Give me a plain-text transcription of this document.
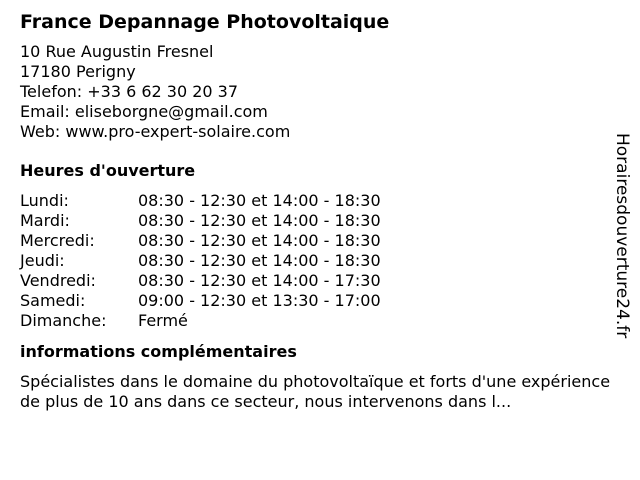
France Depannage Photovoltaique
10 Rue Augustin Fresnel
17180 Perigny
Telefon: +33 6 62 30 20 37
Email: eliseborgne@gmail.com
Web: www.pro-expert-solaire.com
Heures d'ouverture
Lundi:	08:30 - 12:30 et 14:00 - 18:30
Mardi:	08:30 - 12:30 et 14:00 - 18:30
Mercredi:	08:30 - 12:30 et 14:00 - 18:30
Jeudi:	08:30 - 12:30 et 14:00 - 18:30
Vendredi:	08:30 - 12:30 et 14:00 - 17:30
Samedi:	09:00 - 12:30 et 13:30 - 17:00
Dimanche:	Fermé
informations complémentaires
Spécialistes dans le domaine du photovoltaïque et forts d'une expérience de plus de 10 ans dans ce secteur, nous intervenons dans l...
Horairesdouverture24.fr
